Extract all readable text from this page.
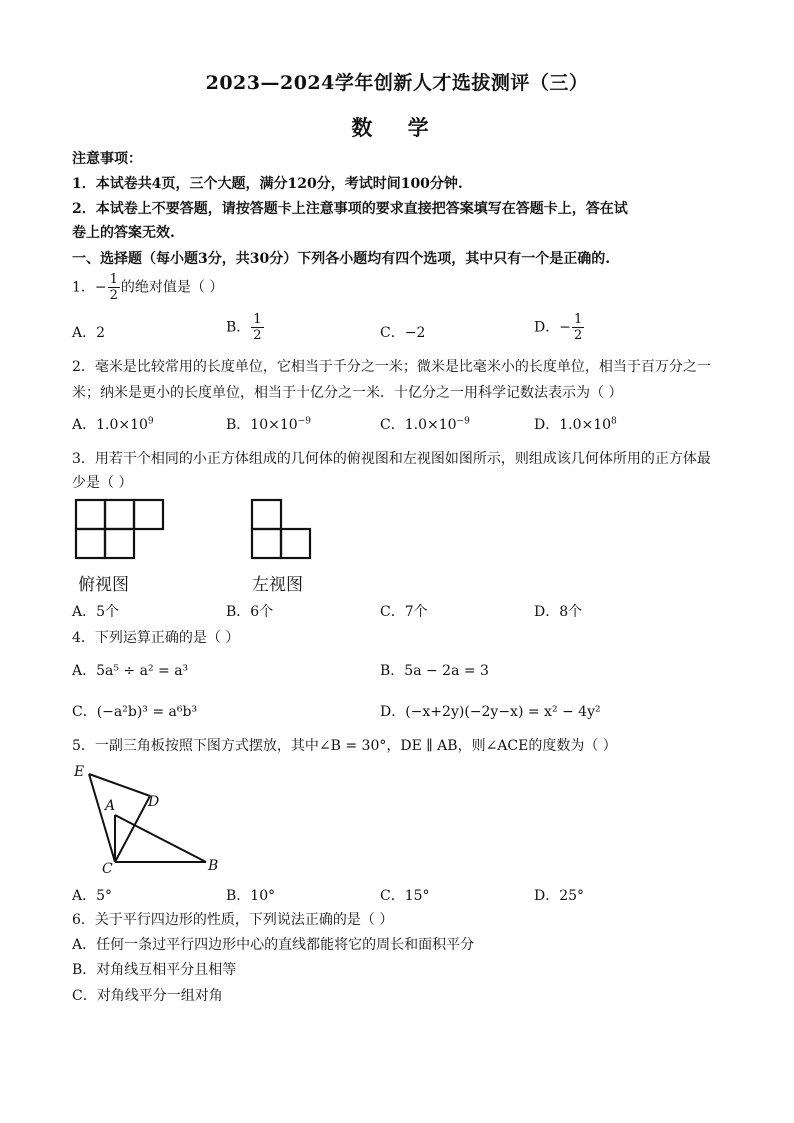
2023—2024学年创新人才选拔测评（三）
数 学
注意事项：
1．本试卷共4页，三个大题，满分120分，考试时间100分钟.
2．本试卷上不要答题，请按答题卡上注意事项的要求直接把答案填写在答题卡上，答在试
卷上的答案无效.
一、选择题（每小题3分，共30分）下列各小题均有四个选项，其中只有一个是正确的.
1．− $\frac{1}{2}$ 的绝对值是（ ）
A．2	B． $\frac{1}{2}$	C．−2	D．− $\frac{1}{2}$
2．毫米是比较常用的长度单位，它相当于千分之一米；微米是比毫米小的长度单位，相当于百万分之一
米；纳米是更小的长度单位，相当于十亿分之一米．十亿分之一用科学记数法表示为（ ）
A．$1.0\times 10^9$	B．$10\times 10^{-9}$	C．$1.0\times 10^{-9}$	D．$1.0\times 10^8$
3．用若干个相同的小正方体组成的几何体的俯视图和左视图如图所示，则组成该几何体所用的正方体最
少是（ ）
俯视图	左视图
A．5个	B．6个	C．7个	D．8个
4．下列运算正确的是（ ）
A．5a⁵ ÷ a² = a³	B．5a − 2a = 3
C．(−a²b)³ = a⁶b³	D．(−x+2y)(−2y−x) = x² − 4y²
5．一副三角板按照下图方式摆放，其中∠B = 30°，DE ∥ AB，则∠ACE的度数为（ ）
E
A D
C	B
A．5°	B．10°	C．15°	D．25°
6．关于平行四边形的性质，下列说法正确的是（ ）
A．任何一条过平行四边形中心的直线都能将它的周长和面积平分
B．对角线互相平分且相等
C．对角线平分一组对角
